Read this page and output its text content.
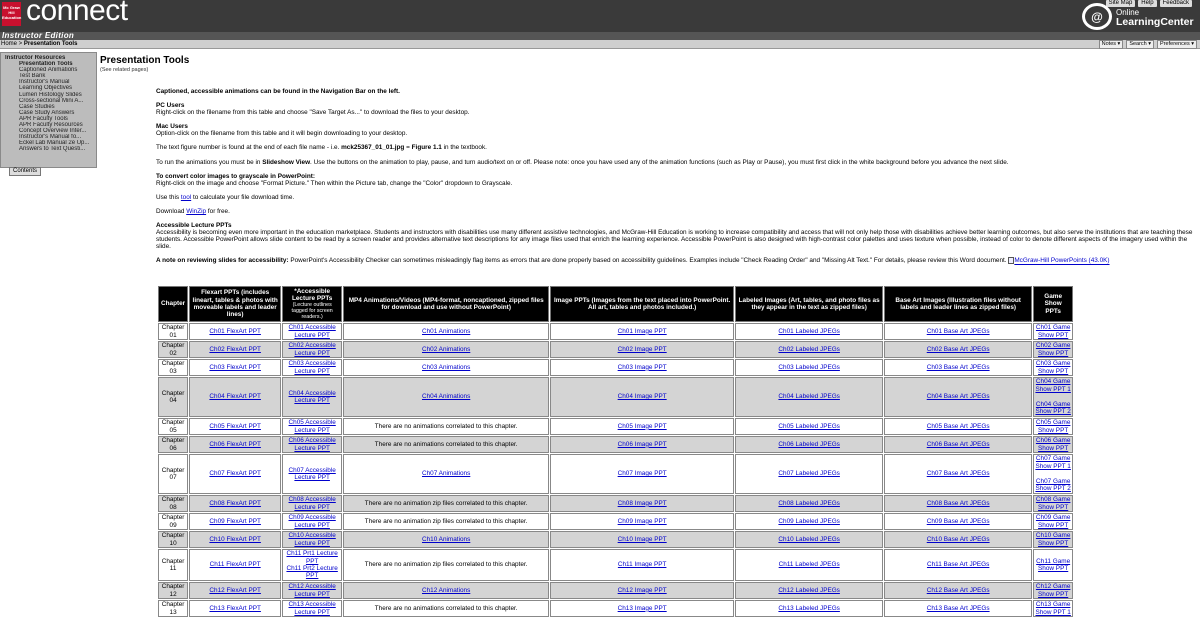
Mc Graw Hill Education connect	Site Map	Help	Feedback
@	Online
LearningCenter
Instructor Edition
Home > Presentation Tools	Notes ▾	Search ▾	Preferences ▾
Instructor Resources
Presentation Tools
Captioned Animations
Test Bank
Instructor's Manual
Learning Objectives
Lumen Histology Slides
Cross-sectional Mini A...
Case Studies
Case Study Answers
APR Faculty Tools
APR Faculty Resources
Concept Overview Inter...
Instructor's Manual fo...
Eckel Lab Manual 2e Up...
Answers to Text Questi...
Contents
Presentation Tools
(See related pages)

Captioned, accessible animations can be found in the Navigation Bar on the left.

PC Users

Right-click on the filename from this table and choose "Save Target As..." to download the files to your desktop.

Mac Users

Option-click on the filename from this table and it will begin downloading to your desktop.

The text figure number is found at the end of each file name - i.e. mck25367_01_01.jpg = Figure 1.1 in the textbook.

To run the animations you must be in Slideshow View. Use the buttons on the animation to play, pause, and turn audio/text on or off. Please note: once you have used any of the animation functions (such as Play or Pause), you must first click in the white background before you advance the next slide.

To convert color images to grayscale in PowerPoint:

Right-click on the image and choose "Format Picture." Then within the Picture tab, change the "Color" dropdown to Grayscale.

Use this tool to calculate your file download time.

Download WinZip for free.

Accessible Lecture PPTs

Accessibility is becoming even more important in the education marketplace. Students and instructors with disabilities use many different assistive technologies, and McGraw-Hill Education is working to increase compatibility and access that will not only help those with disabilities achieve better learning outcomes, but also serve the institutions that are teaching these students. Accessible PowerPoint allows slide content to be read by a screen reader and provides alternative text descriptions for any image files used that enrich the learning experience. Accessible PowerPoint is also designed with high-contrast color palettes and uses texture when possible, instead of color to denote different aspects of the imagery used within the slide.

A note on reviewing slides for accessibility: PowerPoint's Accessibility Checker can sometimes misleadingly flag items as errors that are done properly based on accessibility guidelines. Examples include "Check Reading Order" and "Missing Alt Text." For details, please review this Word document. McGraw-Hill PowerPoints (43.0K)

Chapter	Flexart PPTs (includes lineart, tables & photos with moveable labels and leader lines)	*Accessible Lecture PPTs
(Lecture outlines tagged for screen readers.)	MP4 Animations/Videos (MP4-format, noncaptioned, zipped files for download and use without PowerPoint)	Image PPTs (Images from the text placed into PowerPoint. All art, tables and photos included.)	Labeled Images (Art, tables, and photo files as they appear in the text as zipped files)	Base Art Images (Illustration files without labels and leader lines as zipped files)	Game Show PPTs

Chapter 01	Ch01 FlexArt PPT	Ch01 Accessible Lecture PPT	Ch01 Animations	Ch01 Image PPT	Ch01 Labeled JPEGs	Ch01 Base Art JPEGs	Ch01 Game Show PPT

Chapter 02	Ch02 FlexArt PPT	Ch02 Accessible Lecture PPT	Ch02 Animations	Ch02 Image PPT	Ch02 Labeled JPEGs	Ch02 Base Art JPEGs	Ch02 Game Show PPT

Chapter 03	Ch03 FlexArt PPT	Ch03 Accessible Lecture PPT	Ch03 Animations	Ch03 Image PPT	Ch03 Labeled JPEGs	Ch03 Base Art JPEGs	Ch03 Game Show PPT

Chapter 04	Ch04 FlexArt PPT	Ch04 Accessible Lecture PPT	Ch04 Animations	Ch04 Image PPT	Ch04 Labeled JPEGs	Ch04 Base Art JPEGs	Ch04 Game Show PPT 1
Ch04 Game Show PPT 2

Chapter 05	Ch05 FlexArt PPT	Ch05 Accessible Lecture PPT	There are no animations correlated to this chapter.	Ch05 Image PPT	Ch05 Labeled JPEGs	Ch05 Base Art JPEGs	Ch05 Game Show PPT

Chapter 06	Ch06 FlexArt PPT	Ch06 Accessible Lecture PPT	There are no animations correlated to this chapter.	Ch06 Image PPT	Ch06 Labeled JPEGs	Ch06 Base Art JPEGs	Ch06 Game Show PPT

Chapter 07	Ch07 FlexArt PPT	Ch07 Accessible Lecture PPT	Ch07 Animations	Ch07 Image PPT	Ch07 Labeled JPEGs	Ch07 Base Art JPEGs	Ch07 Game Show PPT 1
Ch07 Game Show PPT 2

Chapter 08	Ch08 FlexArt PPT	Ch08 Accessible Lecture PPT	There are no animation zip files correlated to this chapter.	Ch08 Image PPT	Ch08 Labeled JPEGs	Ch08 Base Art JPEGs	Ch08 Game Show PPT

Chapter 09	Ch09 FlexArt PPT	Ch09 Accessible Lecture PPT	There are no animation zip files correlated to this chapter.	Ch09 Image PPT	Ch09 Labeled JPEGs	Ch09 Base Art JPEGs	Ch09 Game Show PPT

Chapter 10	Ch10 FlexArt PPT	Ch10 Accessible Lecture PPT	Ch10 Animations	Ch10 Image PPT	Ch10 Labeled JPEGs	Ch10 Base Art JPEGs	Ch10 Game Show PPT

Chapter 11	Ch11 FlexArt PPT	Ch11 Prt1 Lecture PPT
Ch11 Prt2 Lecture PPT	There are no animation zip files correlated to this chapter.	Ch11 Image PPT	Ch11 Labeled JPEGs	Ch11 Base Art JPEGs	Ch11 Game Show PPT

Chapter 12	Ch12 FlexArt PPT	Ch12 Accessible Lecture PPT	Ch12 Animations	Ch12 Image PPT	Ch12 Labeled JPEGs	Ch12 Base Art JPEGs	Ch12 Game Show PPT

Chapter 13	Ch13 FlexArt PPT	Ch13 Accessible Lecture PPT	There are no animations correlated to this chapter.	Ch13 Image PPT	Ch13 Labeled JPEGs	Ch13 Base Art JPEGs	Ch13 Game Show PPT 1
